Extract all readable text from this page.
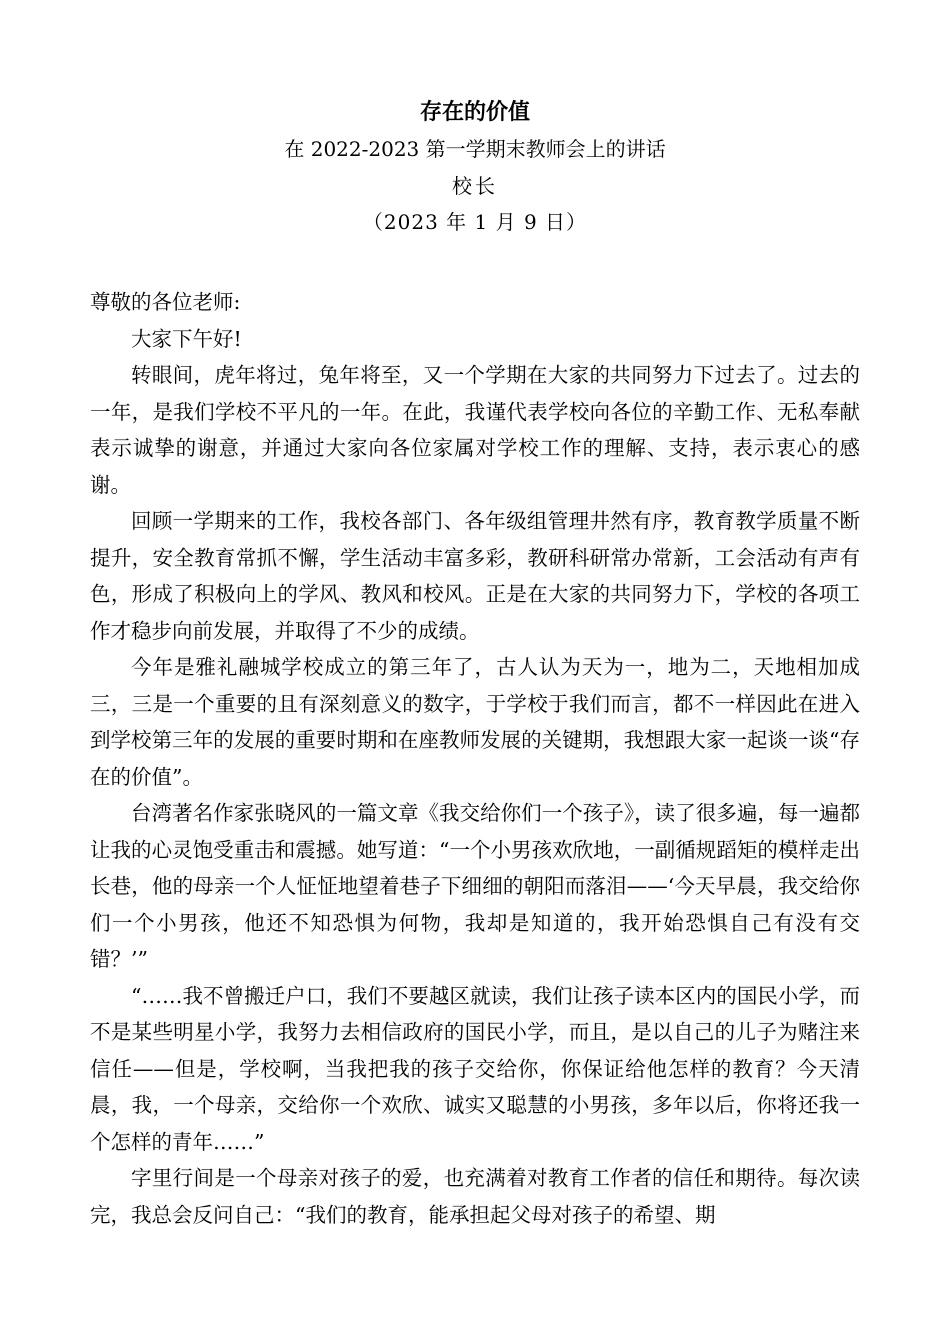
存在的价值
在 2022-2023 第一学期末教师会上的讲话
校长
（2023 年 1 月 9 日）

尊敬的各位老师:

大家下午好!

转眼间，虎年将过，兔年将至，又一个学期在大家的共同努力下过去了。过去的一年，是我们学校不平凡的一年。在此，我谨代表学校向各位的辛勤工作、无私奉献表示诚挚的谢意，并通过大家向各位家属对学校工作的理解、支持，表示衷心的感谢。

回顾一学期来的工作，我校各部门、各年级组管理井然有序，教育教学质量不断提升，安全教育常抓不懈，学生活动丰富多彩，教研科研常办常新，工会活动有声有色，形成了积极向上的学风、教风和校风。正是在大家的共同努力下，学校的各项工作才稳步向前发展，并取得了不少的成绩。

今年是雅礼融城学校成立的第三年了，古人认为天为一，地为二，天地相加成三，三是一个重要的且有深刻意义的数字，于学校于我们而言，都不一样因此在进入到学校第三年的发展的重要时期和在座教师发展的关键期，我想跟大家一起谈一谈“存在的价值”。

台湾著名作家张晓风的一篇文章《我交给你们一个孩子》，读了很多遍，每一遍都让我的心灵饱受重击和震撼。她写道：“一个小男孩欢欣地，一副循规蹈矩的模样走出长巷，他的母亲一个人怔怔地望着巷子下细细的朝阳而落泪——‘今天早晨，我交给你们一个小男孩，他还不知恐惧为何物，我却是知道的，我开始恐惧自己有没有交错？’”

“……我不曾搬迁户口，我们不要越区就读，我们让孩子读本区内的国民小学，而不是某些明星小学，我努力去相信政府的国民小学，而且，是以自己的儿子为赌注来信任——但是，学校啊，当我把我的孩子交给你，你保证给他怎样的教育？今天清晨，我，一个母亲，交给你一个欢欣、诚实又聪慧的小男孩，多年以后，你将还我一个怎样的青年……”

字里行间是一个母亲对孩子的爱，也充满着对教育工作者的信任和期待。每次读完，我总会反问自己：“我们的教育，能承担起父母对孩子的希望、期
